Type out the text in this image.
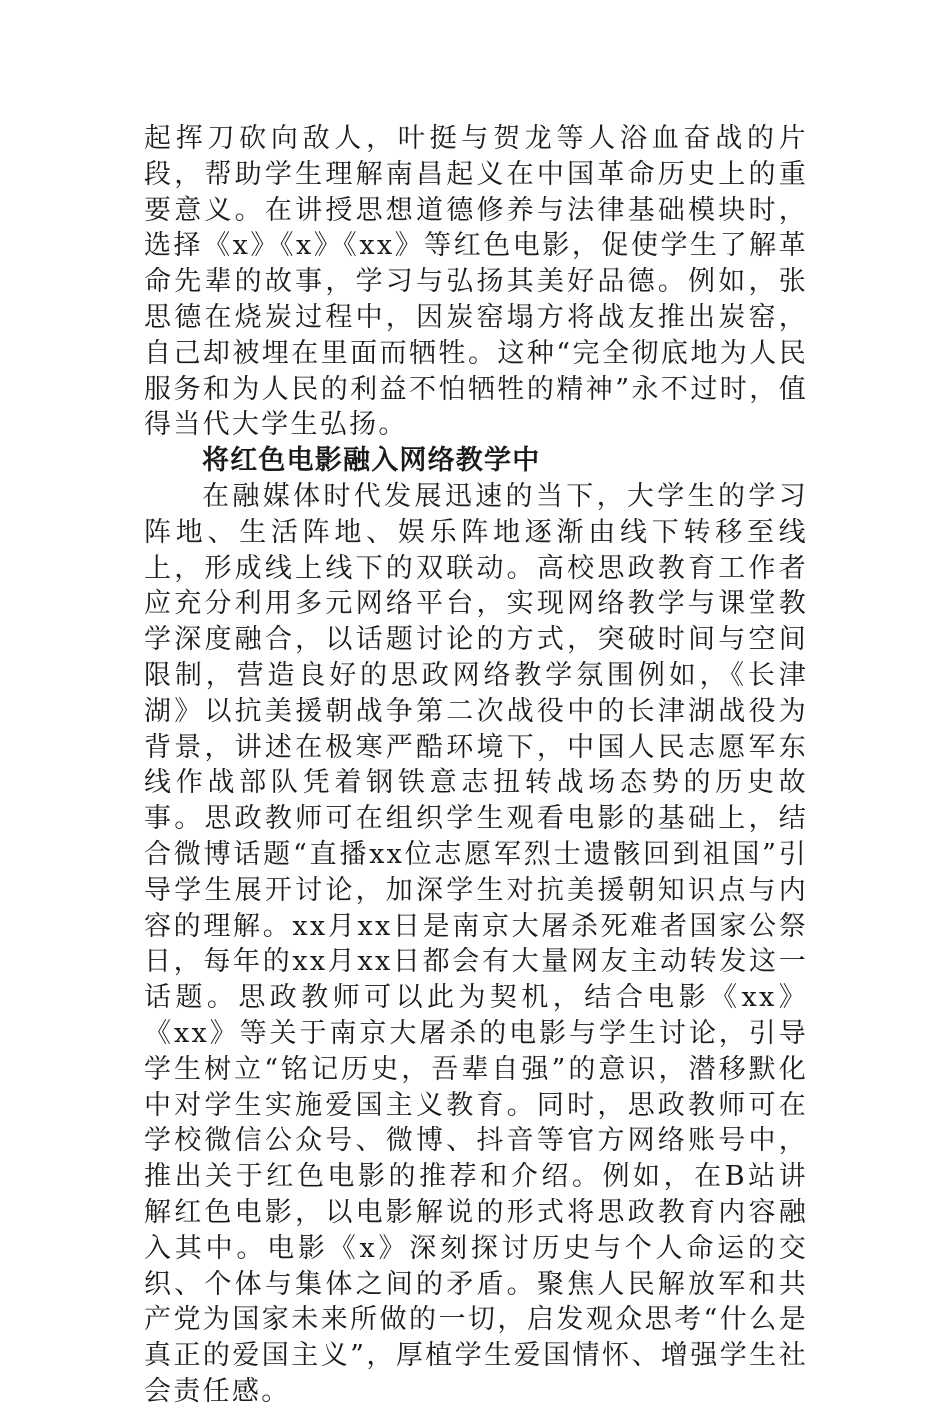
起挥刀砍向敌人，叶挺与贺龙等人浴血奋战的片段，帮助学生理解南昌起义在中国革命历史上的重要意义。在讲授思想道德修养与法律基础模块时，选择《x》《x》《xx》等红色电影，促使学生了解革命先辈的故事，学习与弘扬其美好品德。例如，张思德在烧炭过程中，因炭窑塌方将战友推出炭窑，自己却被埋在里面而牺牲。这种“完全彻底地为人民服务和为人民的利益不怕牺牲的精神”永不过时，值得当代大学生弘扬。

将红色电影融入网络教学中

在融媒体时代发展迅速的当下，大学生的学习阵地、生活阵地、娱乐阵地逐渐由线下转移至线上，形成线上线下的双联动。高校思政教育工作者应充分利用多元网络平台，实现网络教学与课堂教学深度融合，以话题讨论的方式，突破时间与空间限制，营造良好的思政网络教学氛围例如，《长津湖》以抗美援朝战争第二次战役中的长津湖战役为背景，讲述在极寒严酷环境下，中国人民志愿军东线作战部队凭着钢铁意志扭转战场态势的历史故事。思政教师可在组织学生观看电影的基础上，结合微博话题“直播xx位志愿军烈士遗骸回到祖国”引导学生展开讨论，加深学生对抗美援朝知识点与内容的理解。xx月xx日是南京大屠杀死难者国家公祭日，每年的xx月xx日都会有大量网友主动转发这一话题。思政教师可以此为契机，结合电影《xx》《xx》等关于南京大屠杀的电影与学生讨论，引导学生树立“铭记历史，吾辈自强”的意识，潜移默化中对学生实施爱国主义教育。同时，思政教师可在学校微信公众号、微博、抖音等官方网络账号中，推出关于红色电影的推荐和介绍。例如，在B站讲解红色电影，以电影解说的形式将思政教育内容融入其中。电影《x》深刻探讨历史与个人命运的交织、个体与集体之间的矛盾。聚焦人民解放军和共产党为国家未来所做的一切，启发观众思考“什么是真正的爱国主义”，厚植学生爱国情怀、增强学生社会责任感。
